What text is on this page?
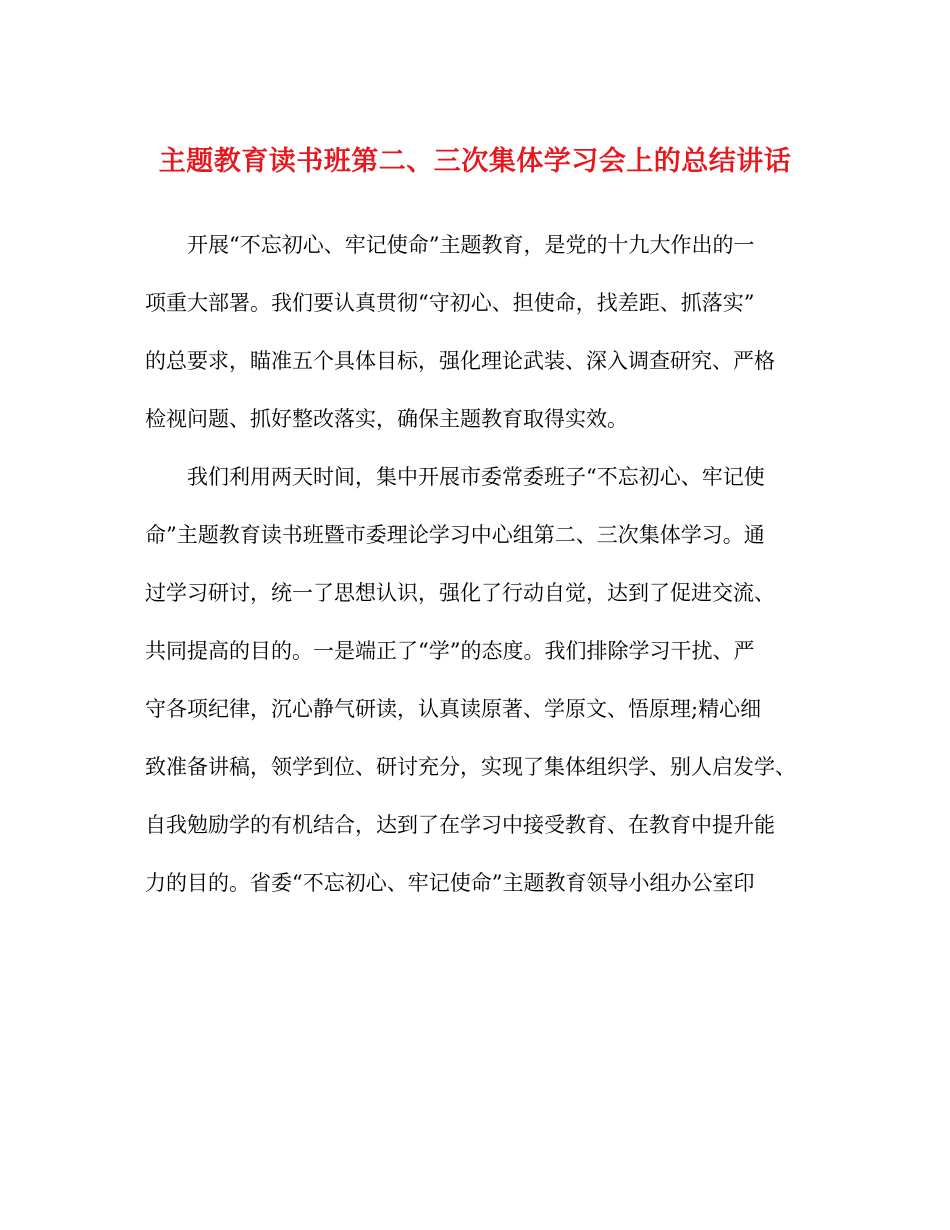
主题教育读书班第二、三次集体学习会上的总结讲话
开展“不忘初心、牢记使命”主题教育，是党的十九大作出的一
项重大部署。我们要认真贯彻“守初心、担使命，找差距、抓落实”
的总要求，瞄准五个具体目标，强化理论武装、深入调查研究、严格
检视问题、抓好整改落实，确保主题教育取得实效。
我们利用两天时间，集中开展市委常委班子“不忘初心、牢记使
命”主题教育读书班暨市委理论学习中心组第二、三次集体学习。通
过学习研讨，统一了思想认识，强化了行动自觉，达到了促进交流、
共同提高的目的。一是端正了“学”的态度。我们排除学习干扰、严
守各项纪律，沉心静气研读，认真读原著、学原文、悟原理;精心细
致准备讲稿，领学到位、研讨充分，实现了集体组织学、别人启发学、
自我勉励学的有机结合，达到了在学习中接受教育、在教育中提升能
力的目的。省委“不忘初心、牢记使命”主题教育领导小组办公室印
